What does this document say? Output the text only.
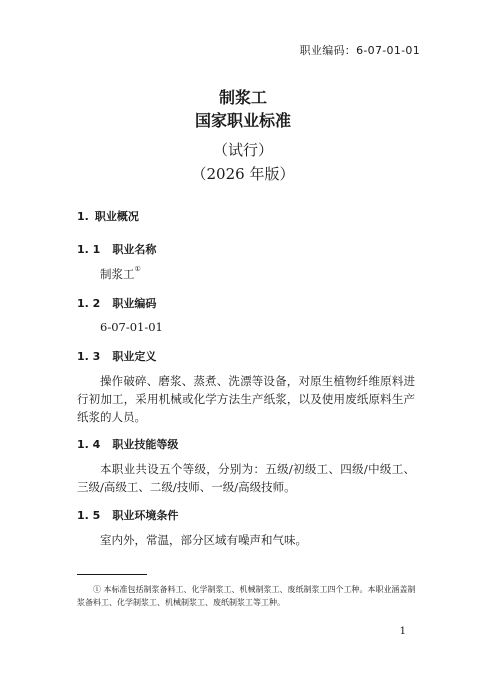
职业编码：6-07-01-01
制浆工
国家职业标准
（试行）
（2026 年版）
1. 职业概况
1. 1 职业名称
制浆工①
1. 2 职业编码
6-07-01-01
1. 3 职业定义
操作破碎、磨浆、蒸煮、洗漂等设备，对原生植物纤维原料进行初加工，采用机械或化学方法生产纸浆，以及使用废纸原料生产纸浆的人员。
1. 4 职业技能等级
本职业共设五个等级，分别为：五级/初级工、四级/中级工、三级/高级工、二级/技师、一级/高级技师。
1. 5 职业环境条件
室内外，常温，部分区域有噪声和气味。
① 本标准包括制浆备料工、化学制浆工、机械制浆工、废纸制浆工四个工种。本职业涵盖制浆备料工、化学制浆工、机械制浆工、废纸制浆工等工种。
1
